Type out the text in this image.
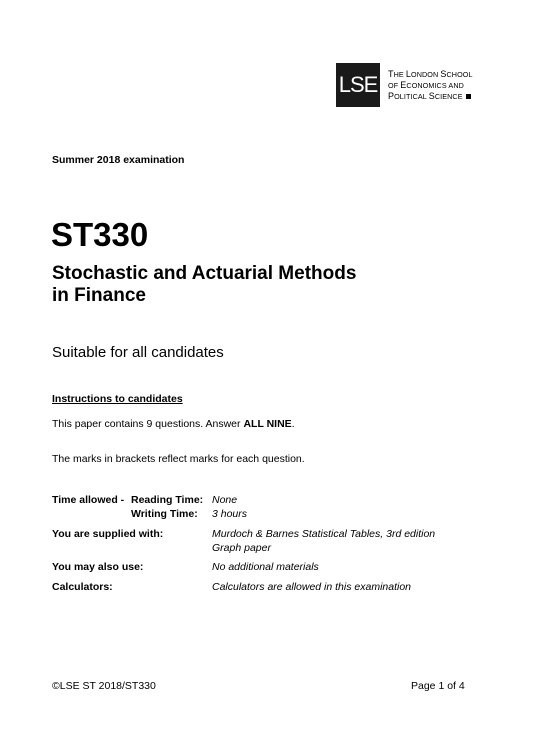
LSE	THE LONDON SCHOOL
OF ECONOMICS AND
POLITICAL SCIENCE
Summer 2018 examination
ST330
Stochastic and Actuarial Methods
in Finance
Suitable for all candidates
Instructions to candidates
This paper contains 9 questions. Answer ALL NINE.
The marks in brackets reflect marks for each question.
Time allowed - Reading Time: None
Writing Time: 3 hours
You are supplied with:	Murdoch & Barnes Statistical Tables, 3rd edition
Graph paper
You may also use:	No additional materials
Calculators:	Calculators are allowed in this examination
©LSE ST 2018/ST330	Page 1 of 4
